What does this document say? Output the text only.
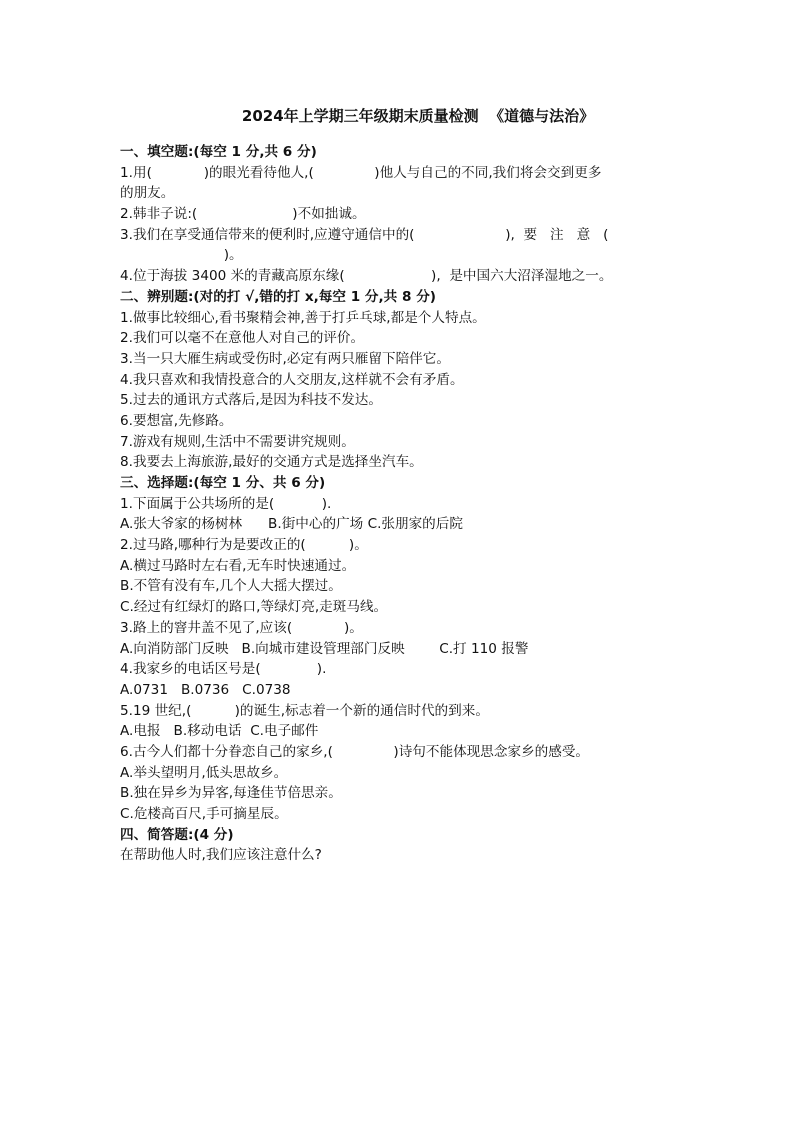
2024年上学期三年级期末质量检测  《道德与法治》
一、填空题:(每空 1 分,共 6 分)
1.用(            )的眼光看待他人,(              )他人与自己的不同,我们将会交到更多
的朋友。
2.韩非子说:(                      )不如拙诚。
3.我们在享受通信带来的便利时,应遵守通信中的(                     ),  要   注   意   (
)。
4.位于海拔 3400 米的青藏高原东缘(                    ),  是中国六大沼泽湿地之一。
二、辨别题:(对的打 √,错的打 x,每空 1 分,共 8 分)
1.做事比较细心,看书聚精会神,善于打乒乓球,都是个人特点。
2.我们可以毫不在意他人对自己的评价。
3.当一只大雁生病或受伤时,必定有两只雁留下陪伴它。
4.我只喜欢和我情投意合的人交朋友,这样就不会有矛盾。
5.过去的通讯方式落后,是因为科技不发达。
6.要想富,先修路。
7.游戏有规则,生活中不需要讲究规则。
8.我要去上海旅游,最好的交通方式是选择坐汽车。
三、选择题:(每空 1 分、共 6 分)
1.下面属于公共场所的是(           ).
A.张大爷家的杨树林      B.街中心的广场 C.张朋家的后院
2.过马路,哪种行为是要改正的(          )。
A.横过马路时左右看,无车时快速通过。
B.不管有没有车,几个人大摇大摆过。
C.经过有红绿灯的路口,等绿灯亮,走斑马线。
3.路上的窨井盖不见了,应该(            )。
A.向消防部门反映   B.向城市建设管理部门反映        C.打 110 报警
4.我家乡的电话区号是(             ).
A.0731   B.0736   C.0738
5.19 世纪,(          )的诞生,标志着一个新的通信时代的到来。
A.电报   B.移动电话  C.电子邮件
6.古今人们都十分眷恋自己的家乡,(              )诗句不能体现思念家乡的感受。
A.举头望明月,低头思故乡。
B.独在异乡为异客,每逢佳节倍思亲。
C.危楼高百尺,手可摘星辰。
四、简答题:(4 分)
在帮助他人时,我们应该注意什么?
